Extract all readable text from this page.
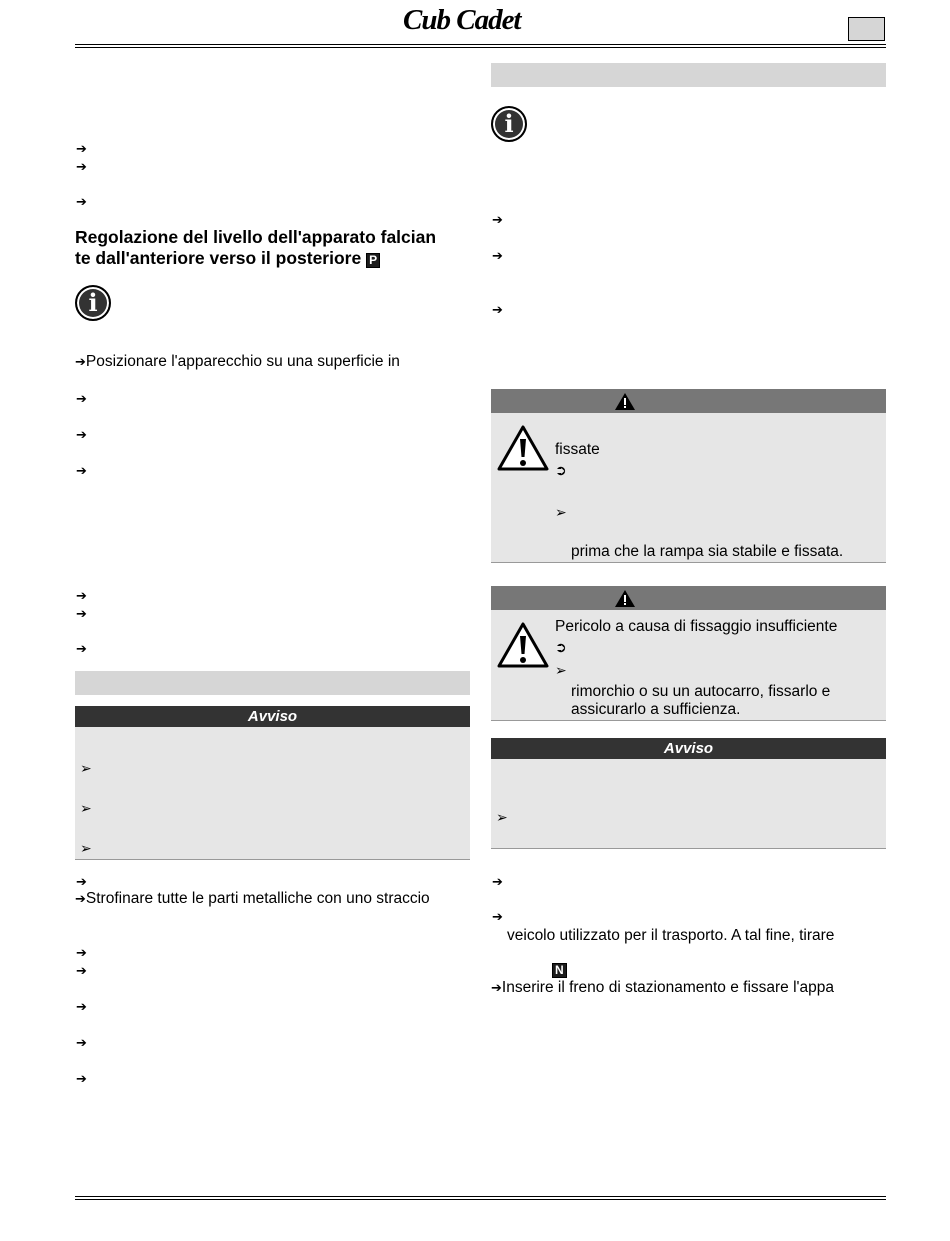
Cub Cadet
➔
➔
➔
Regolazione del livello dell'apparato falcian
te dall'anteriore verso il posteriore P
i
➔Posizionare l'apparecchio su una superficie in
➔
➔
➔
➔
➔
➔
Avviso
➢
➢
➢
➔
➔Strofinare tutte le parti metalliche con uno straccio
➔
➔
➔
➔
➔
i
➔
➔
➔
fissate
➲
➢
prima che la rampa sia stabile e fissata.
Pericolo a causa di fissaggio insufficiente
➲
➢
rimorchio o su un autocarro, fissarlo e
assicurarlo a sufficienza.
Avviso
➢
➔
➔
veicolo utilizzato per il trasporto. A tal fine, tirare
N
➔Inserire il freno di stazionamento e fissare l'appa
